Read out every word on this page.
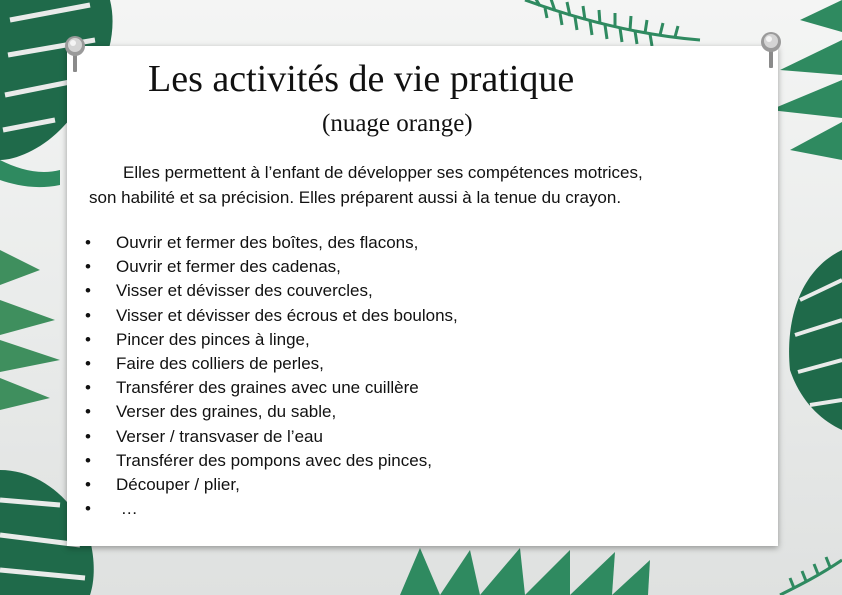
Les activités de vie pratique
(nuage orange)

Elles permettent à l’enfant de développer ses compétences motrices,
son habilité et sa précision. Elles préparent aussi à la tenue du crayon.

• Ouvrir et fermer des boîtes, des flacons,
• Ouvrir et fermer des cadenas,
• Visser et dévisser des couvercles,
• Visser et dévisser des écrous et des boulons,
• Pincer des pinces à linge,
• Faire des colliers de perles,
• Transférer des graines avec une cuillère
• Verser des graines, du sable,
• Verser / transvaser de l’eau
• Transférer des pompons avec des pinces,
• Découper / plier,
• …
